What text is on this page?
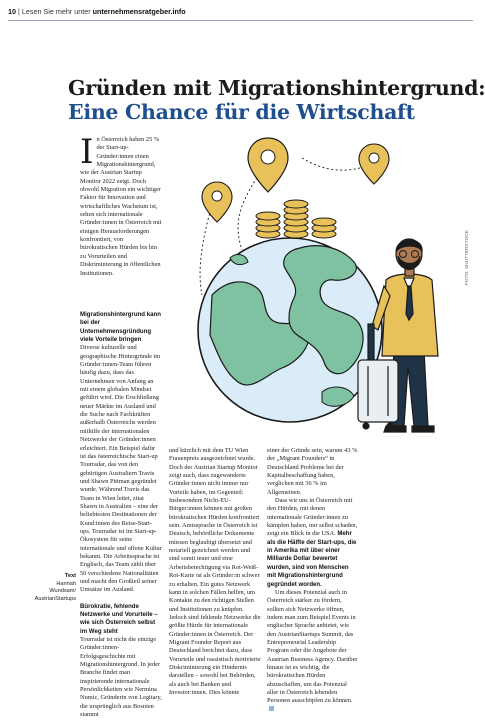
10 | Lesen Sie mehr unter unternehmensratgeber.info
Gründen mit Migrationshintergrund:
Eine Chance für die Wirtschaft
I n Österreich haben 25 % der Start-up-Gründer:innen einen Migrationshintergrund, wie der Austrian Startup Monitor 2022 zeigt. Doch obwohl Migration ein wichtiger Faktor für Innovation und wirtschaftliches Wachstum ist, sehen sich internationale Gründer:innen in Österreich mit einigen Herausforderungen konfrontiert, von bürokratischen Hürden bis hin zu Vorurteilen und Diskriminierung in öffentlichen Institutionen.

Migrationshintergrund kann bei der Unternehmensgründung viele Vorteile bringen

Diverse kulturelle und geographische Hintergründe im Gründer:innen-Team führen häufig dazu, dass das Unternehmen von Anfang an mit einem globalen Mindset geführt wird. Die Erschließung neuer Märkte im Ausland und die Suche nach Fachkräften außerhalb Österreichs werden mithilfe der internationalen Netzwerke der Gründer:innen erleichtert. Ein Beispiel dafür ist das österreichische Start-up Tourradar, das von den gebürtigen Australiern Travis und Shawn Pittman gegründet wurde. Während Travis das Team in Wien leitet, zitat Shawn in Australien – eine der beliebtesten Destinationen der Kund:innen des Reise-Start-ups. Tourradar ist im Start-up-Ökosystem für seine internationale und offene Kultur bekannt. Die Arbeitssprache ist Englisch, das Team zählt über 50 verschiedene Nationalitäten und macht den Großteil seiner Umsätze im Ausland.

Bürokratie, fehlende Netzwerke und Vorurteile – wie sich Österreich selbst im Weg steht

Tourradar ist nicht die einzige Gründer:innen-Erfolgsgeschichte mit Migrationshintergrund. In jeder Branche findet man inspirierende internationale Persönlichkeiten wie Nermina Numic, Gründerin von Legitary, die ursprünglich aus Bosnien stammt

und kürzlich mit dem TU Wien Frauenpreis ausgezeichnet wurde. Doch der Austrian Startup Monitor zeigt auch, dass zugewanderte Gründer:innen nicht immer nur Vorteile haben, im Gegenteil: Insbesondere Nicht-EU-Bürger:innen können mit großen bürokratischen Hürden konfrontiert sein. Amtssprache in Österreich ist Deutsch, behördliche Dokumente müssen beglaubigt übersetzt und notariell gezeichnet werden und sind somit teuer und eine Arbeitsberechtigung via Rot-Weiß-Rot-Karte ist als Gründer:in schwer zu erhalten. Ein gutes Netzwerk kann in solchen Fällen helfen, um Kontakte zu den richtigen Stellen und Institutionen zu knüpfen. Jedoch sind fehlende Netzwerke die größte Hürde für internationale Gründer:innen in Österreich. Der Migrant Founder Report aus Deutschland berichtet dazu, dass Vorurteile und rassistisch motivierte Diskriminierung ein Hindernis darstellen – sowohl bei Behörden, als auch bei Banken und Investor:innen. Dies könnte

einer der Gründe sein, warum 43 % der „Migrant Founders“ in Deutschland Probleme bei der Kapitalbeschaffung haben, verglichen mit 36 % im Allgemeinen.

Dass wir uns in Österreich mit den Hürden, mit denen internationale Gründer:innen zu kämpfen haben, nur selbst schaden, zeigt ein Blick in die USA. Mehr als die Hälfte der Start-ups, die in Amerika mit über einer Milliarde Dollar bewertet wurden, sind von Menschen mit Migrationshintergrund gegründet worden.

Um dieses Potenzial auch in Österreich stärker zu fördern, sollten sich Netzwerke öffnen, indem man zum Beispiel Events in englischer Sprache anbietet, wie den AustrianStartups Summit, das Entrepreneurial Leadership Program oder die Angebote der Austrian Business Agency. Darüber hinaus ist es wichtig, die bürokratischen Hürden abzuschaffen, um das Potenzial aller in Österreich lebenden Personen ausschöpfen zu können.

Text
Hannah
Wundsam/
AustrianStartups
FOTO: SHUTTERSTOCK
